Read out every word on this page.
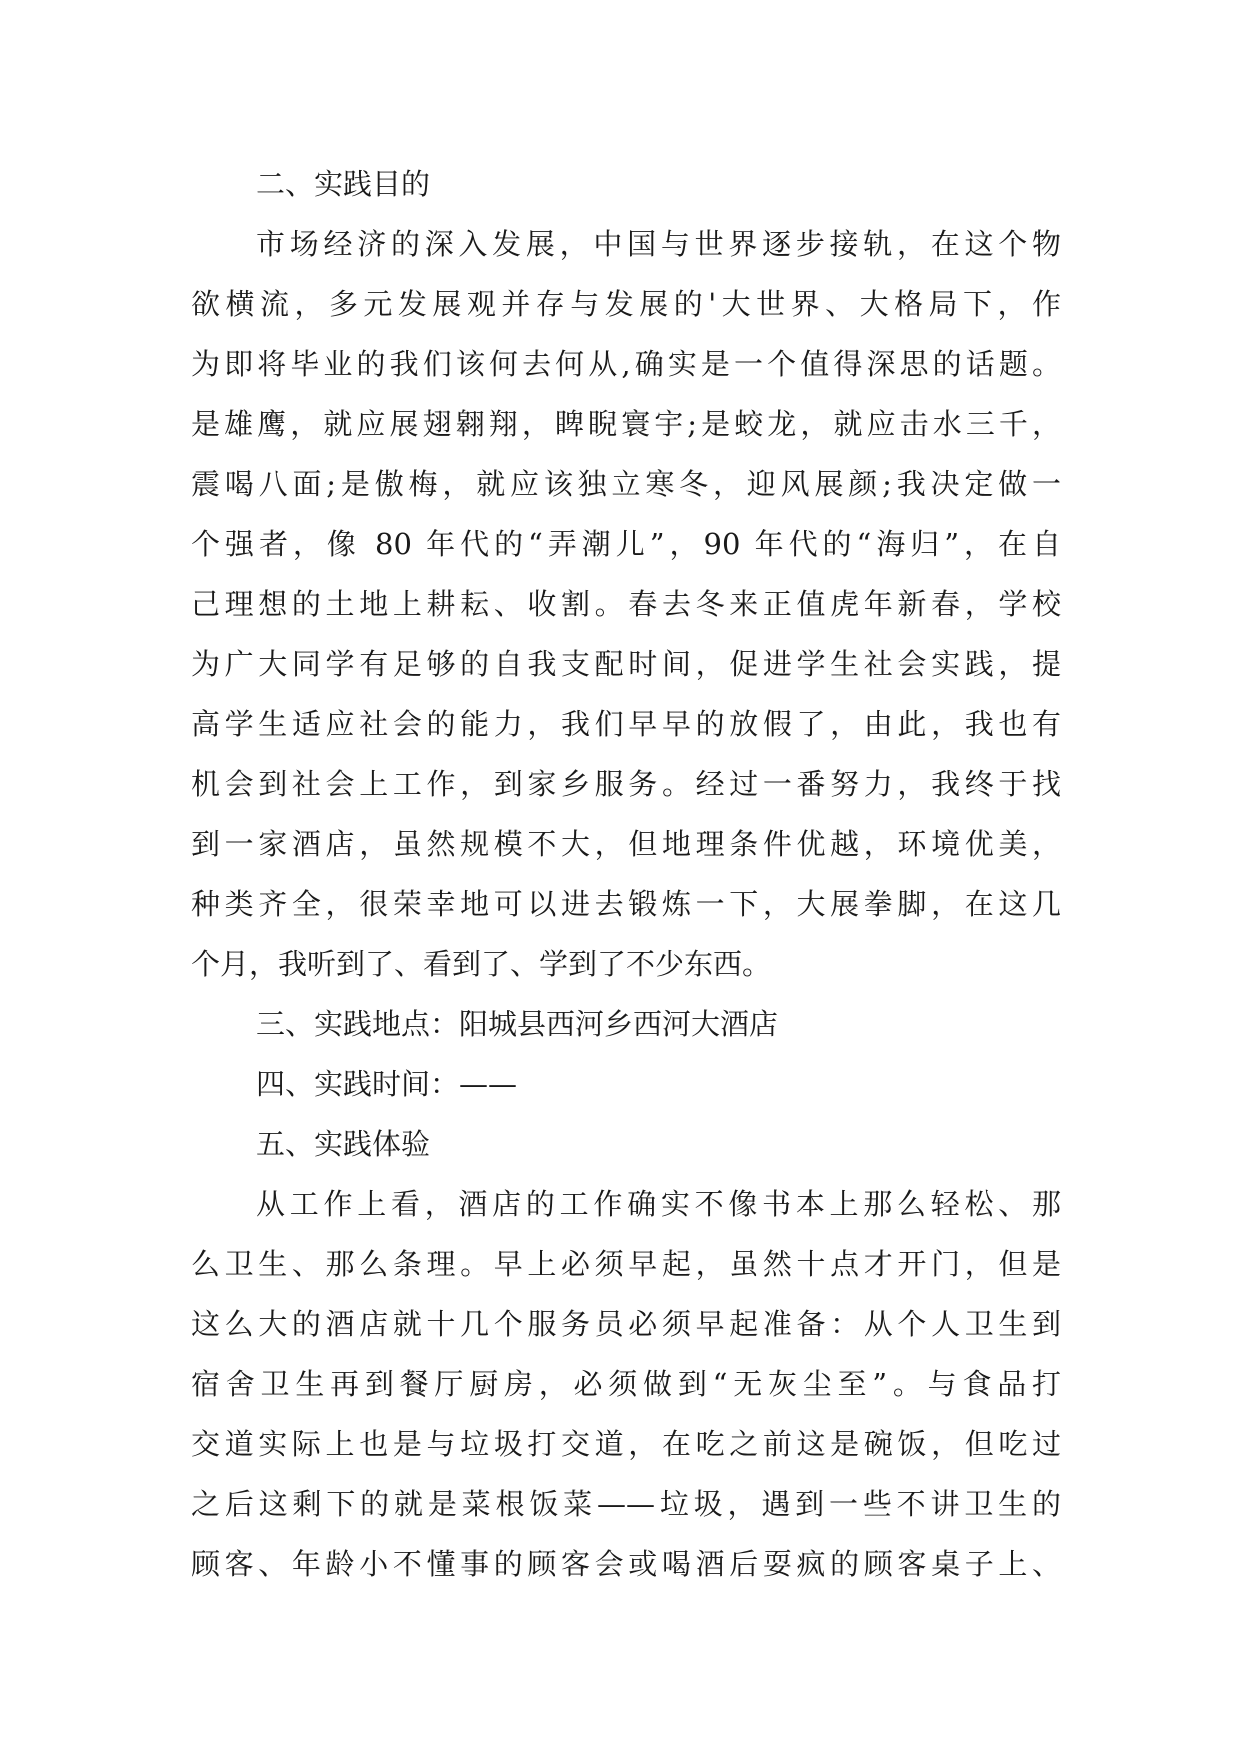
二、实践目的
市场经济的深入发展，中国与世界逐步接轨，在这个物
欲横流，多元发展观并存与发展的'大世界、大格局下，作
为即将毕业的我们该何去何从,确实是一个值得深思的话题。
是雄鹰，就应展翅翱翔，睥睨寰宇;是蛟龙，就应击水三千，
震喝八面;是傲梅，就应该独立寒冬，迎风展颜;我决定做一
个强者，像 80 年代的“弄潮儿”，90 年代的“海归”，在自
己理想的土地上耕耘、收割。春去冬来正值虎年新春，学校
为广大同学有足够的自我支配时间，促进学生社会实践，提
高学生适应社会的能力，我们早早的放假了，由此，我也有
机会到社会上工作，到家乡服务。经过一番努力，我终于找
到一家酒店，虽然规模不大，但地理条件优越，环境优美，
种类齐全，很荣幸地可以进去锻炼一下，大展拳脚，在这几
个月，我听到了、看到了、学到了不少东西。
三、实践地点：阳城县西河乡西河大酒店
四、实践时间：——
五、实践体验
从工作上看，酒店的工作确实不像书本上那么轻松、那
么卫生、那么条理。早上必须早起，虽然十点才开门，但是
这么大的酒店就十几个服务员必须早起准备：从个人卫生到
宿舍卫生再到餐厅厨房，必须做到“无灰尘至”。与食品打
交道实际上也是与垃圾打交道，在吃之前这是碗饭，但吃过
之后这剩下的就是菜根饭菜——垃圾，遇到一些不讲卫生的
顾客、年龄小不懂事的顾客会或喝酒后耍疯的顾客桌子上、
